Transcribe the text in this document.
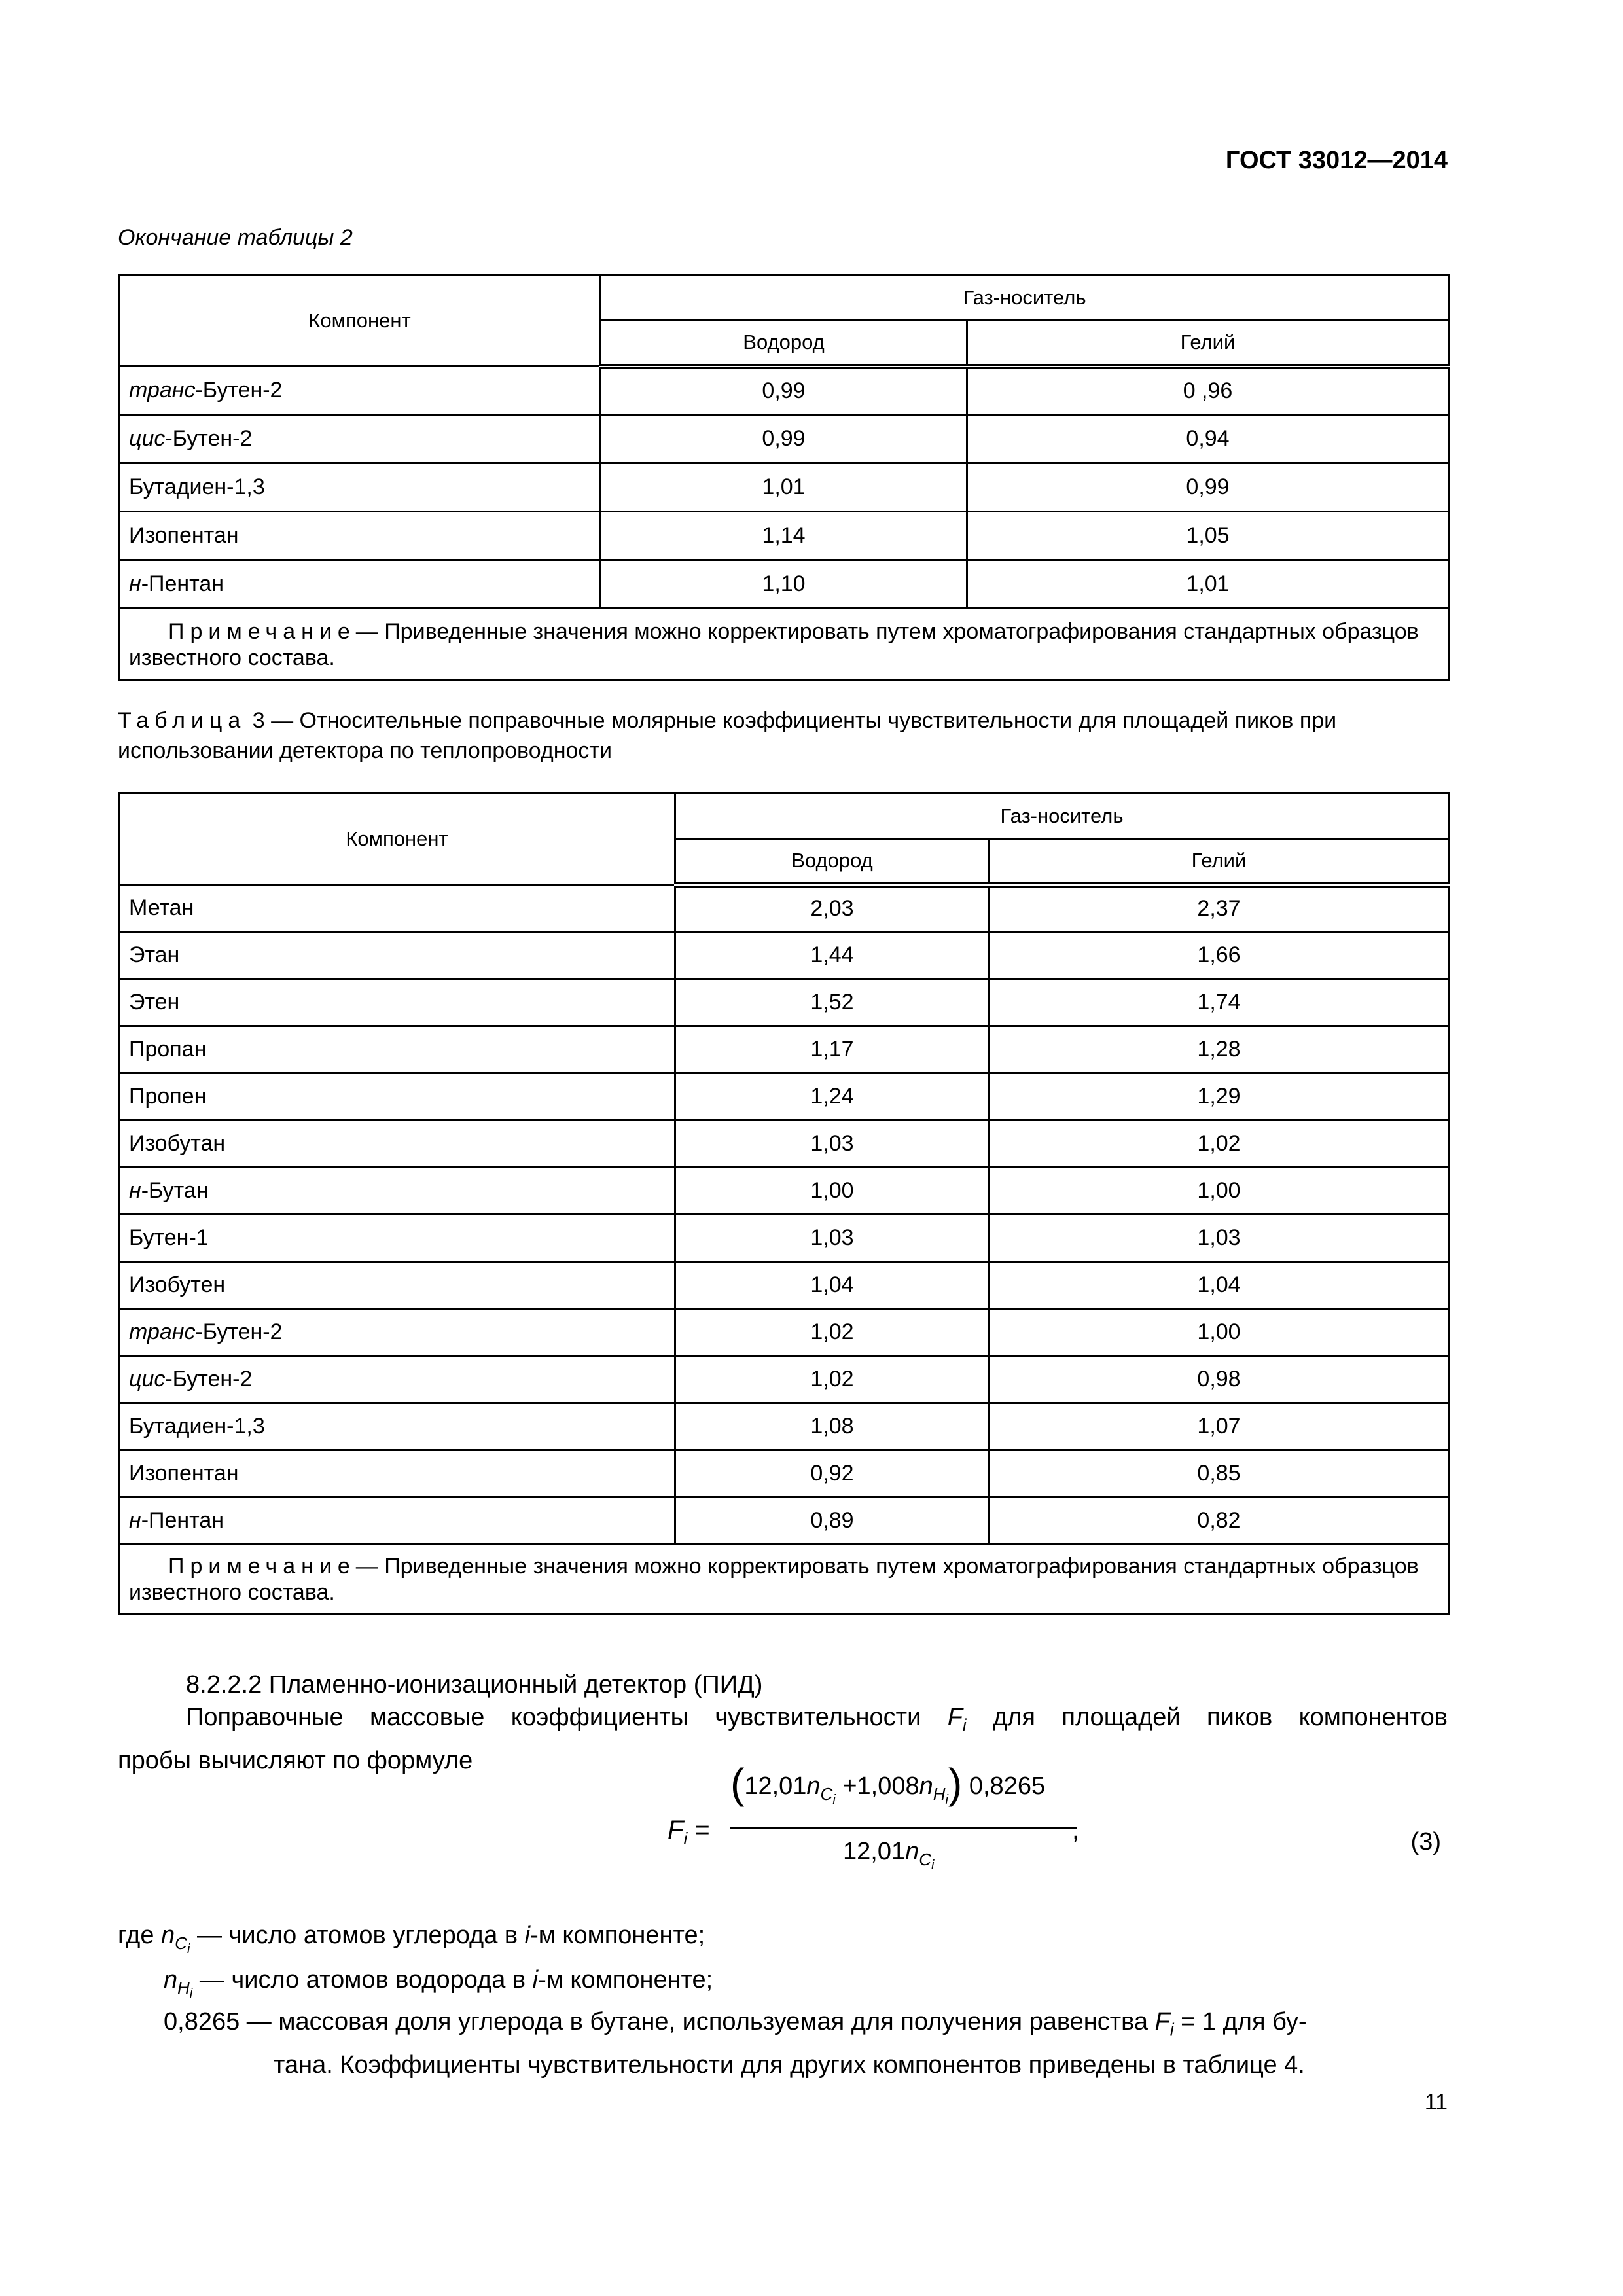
ГОСТ 33012—2014
Окончание таблицы 2
Компонент	Газ-носитель	
	Водород	Гелий
транс-Бутен-2	0,99	0 ,96
цис-Бутен-2	0,99	0,94
Бутадиен-1,3	1,01	0,99
Изопентан	1,14	1,05
н-Пентан	1,10	1,01
Примечание— Приведенные значения можно корректировать путем хроматографирования стандартных образцов известного состава.		
Таблица 3 — Относительные поправочные молярные коэффициенты чувствительности для площадей пиков при использовании детектора по теплопроводности
Компонент	Газ-носитель	
	Водород	Гелий
Метан	2,03	2,37
Этан	1,44	1,66
Этен	1,52	1,74
Пропан	1,17	1,28
Пропен	1,24	1,29
Изобутан	1,03	1,02
н-Бутан	1,00	1,00
Бутен-1	1,03	1,03
Изобутен	1,04	1,04
транс-Бутен-2	1,02	1,00
цис-Бутен-2	1,02	0,98
Бутадиен-1,3	1,08	1,07
Изопентан	0,92	0,85
н-Пентан	0,89	0,82
Примечание— Приведенные значения можно корректировать путем хроматографирования стандартных образцов известного состава.		
8.2.2.2 Пламенно-ионизационный детектор (ПИД)
Поправочные массовые коэффициенты чувствительности $F_i$ для площадей пиков компонентов
пробы вычисляют по формуле
$F_i$ =
$(12,01n_{C_i} +1,008n_{H_i})$ 0,8265
$12,01n_{C_i}$
,	(3)
где $n_{C_i}$ — число атомов углерода в i-м компоненте;
$n_{H_i}$ — число атомов водорода в i-м компоненте;
0,8265 — массовая доля углерода в бутане, используемая для получения равенства $F_i = 1$ для бу-
тана. Коэффициенты чувствительности для других компонентов приведены в таблице 4.
11
